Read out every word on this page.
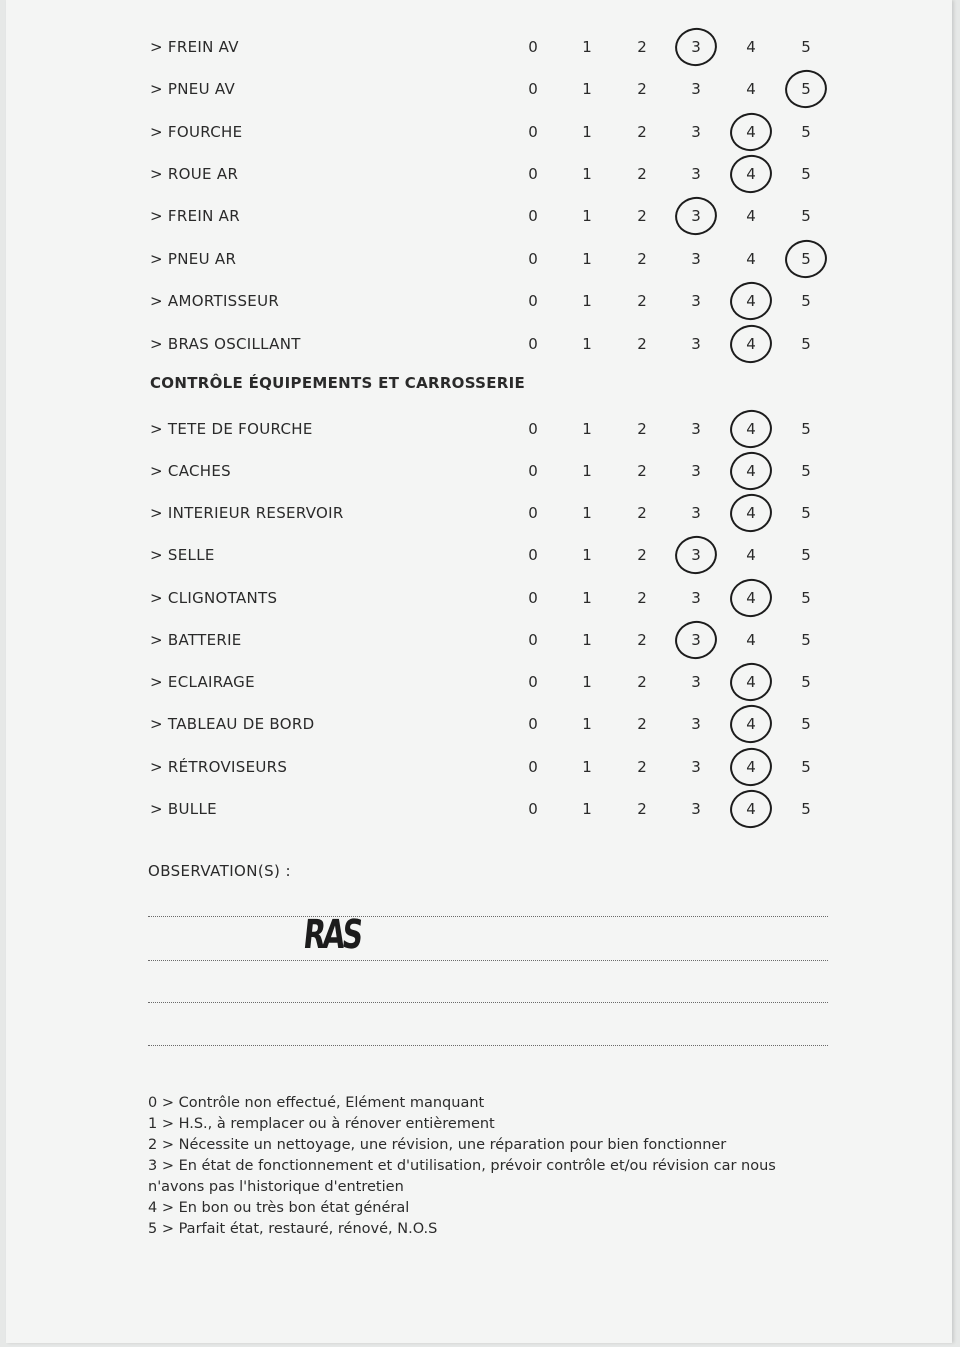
> FREIN AV	0	1	2	3	4	5
> PNEU AV	0	1	2	3	4	5
> FOURCHE	0	1	2	3	4	5
> ROUE AR	0	1	2	3	4	5
> FREIN AR	0	1	2	3	4	5
> PNEU AR	0	1	2	3	4	5
> AMORTISSEUR	0	1	2	3	4	5
> BRAS OSCILLANT	0	1	2	3	4	5
> TETE DE FOURCHE	0	1	2	3	4	5
> CACHES	0	1	2	3	4	5
> INTERIEUR RESERVOIR	0	1	2	3	4	5
> SELLE	0	1	2	3	4	5
> CLIGNOTANTS	0	1	2	3	4	5
> BATTERIE	0	1	2	3	4	5
> ECLAIRAGE	0	1	2	3	4	5
> TABLEAU DE BORD	0	1	2	3	4	5
> RÉTROVISEURS	0	1	2	3	4	5
> BULLE	0	1	2	3	4	5
CONTRÔLE ÉQUIPEMENTS ET CARROSSERIE
OBSERVATION(S) :
RAS
0 > Contrôle non effectué, Elément manquant
1 > H.S., à remplacer ou à rénover entièrement
2 > Nécessite un nettoyage, une révision, une réparation pour bien fonctionner
3 > En état de fonctionnement et d'utilisation, prévoir contrôle et/ou révision car nous n'avons pas l'historique d'entretien
4 > En bon ou très bon état général
5 > Parfait état, restauré, rénové, N.O.S
